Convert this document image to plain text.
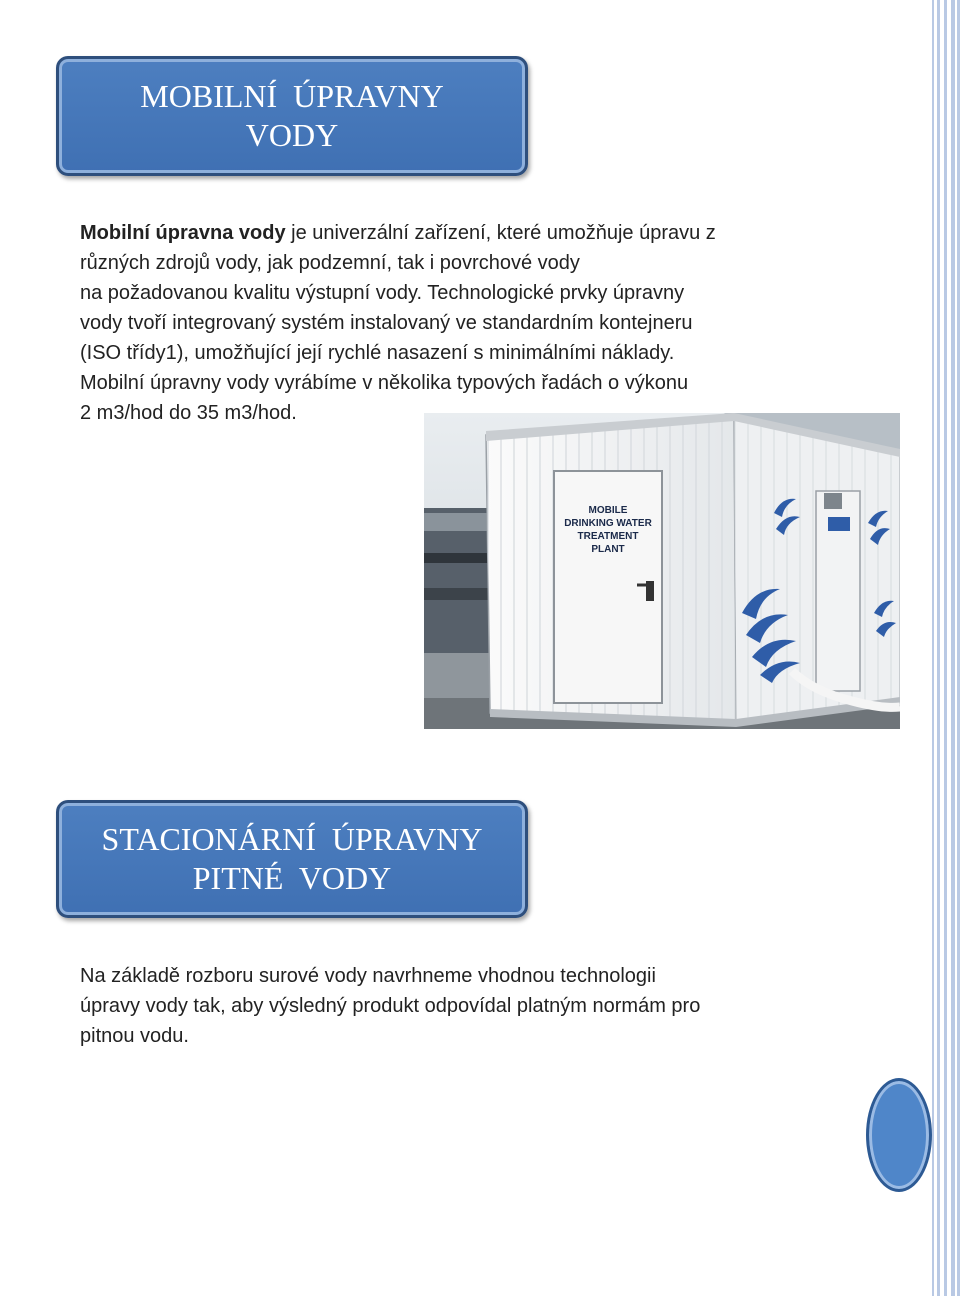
MOBILNÍ  ÚPRAVNY
VODY
Mobilní úpravna vody je univerzální zařízení, které umožňuje úpravu z
různých zdrojů vody, jak podzemní, tak i povrchové vody
na požadovanou kvalitu výstupní vody. Technologické prvky úpravny
vody tvoří integrovaný systém instalovaný ve standardním kontejneru
(ISO třídy1), umožňující její rychlé nasazení s minimálními náklady.
Mobilní úpravny vody vyrábíme v několika typových řadách o výkonu
2 m3/hod do 35 m3/hod.
MOBILE
DRINKING WATER
TREATMENT
PLANT
STACIONÁRNÍ  ÚPRAVNY
PITNÉ  VODY
Na základě rozboru surové vody navrhneme vhodnou technologii
úpravy vody tak, aby výsledný produkt odpovídal platným normám pro
pitnou vodu.
